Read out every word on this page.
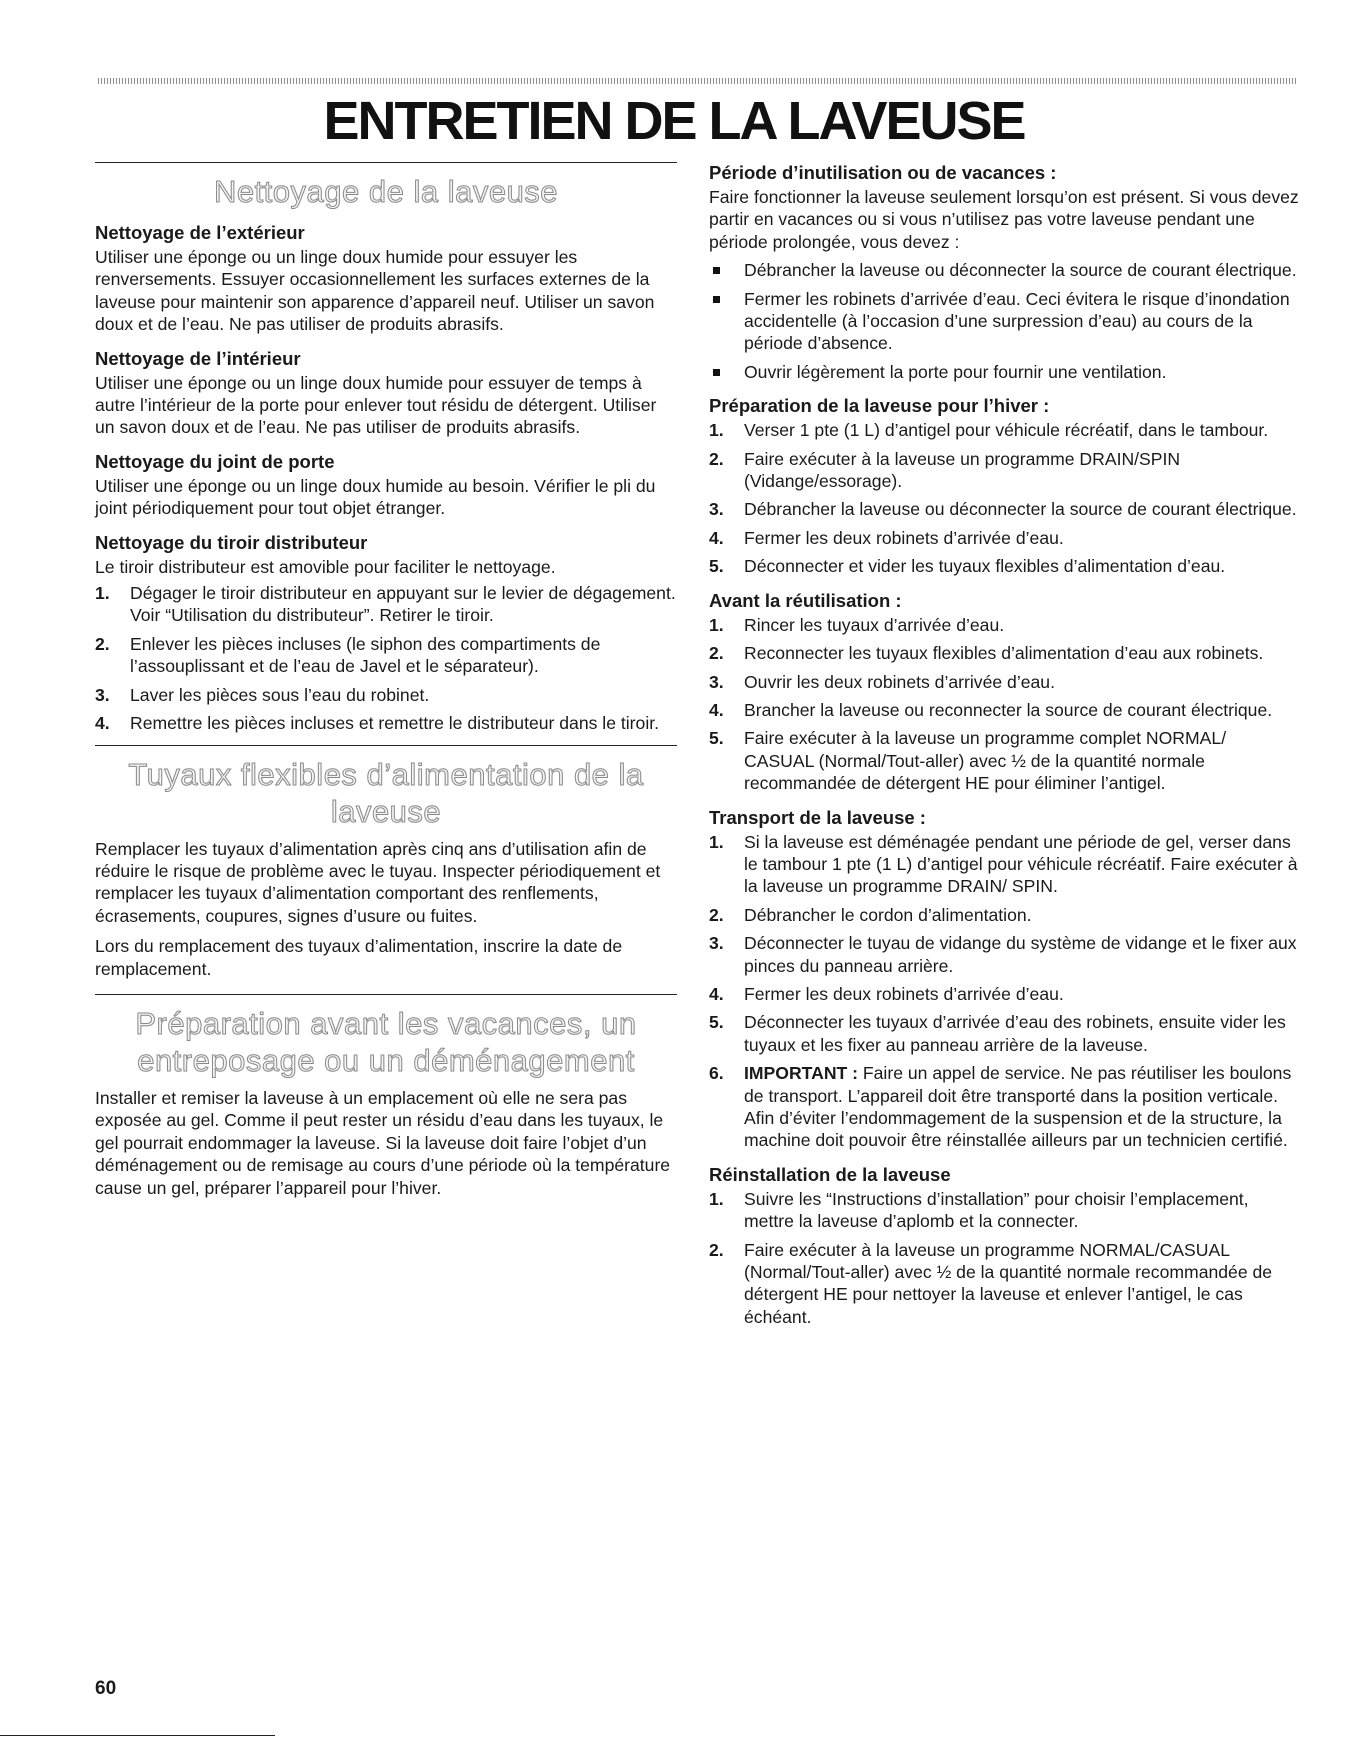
ENTRETIEN DE LA LAVEUSE
Nettoyage de la laveuse
Nettoyage de l’extérieur

Utiliser une éponge ou un linge doux humide pour essuyer les renversements. Essuyer occasionnellement les surfaces externes de la laveuse pour maintenir son apparence d’appareil neuf. Utiliser un savon doux et de l’eau. Ne pas utiliser de produits abrasifs.

Nettoyage de l’intérieur

Utiliser une éponge ou un linge doux humide pour essuyer de temps à autre l’intérieur de la porte pour enlever tout résidu de détergent. Utiliser un savon doux et de l’eau. Ne pas utiliser de produits abrasifs.

Nettoyage du joint de porte

Utiliser une éponge ou un linge doux humide au besoin. Vérifier le pli du joint périodiquement pour tout objet étranger.

Nettoyage du tiroir distributeur

Le tiroir distributeur est amovible pour faciliter le nettoyage.

1. Dégager le tiroir distributeur en appuyant sur le levier de dégagement. Voir “Utilisation du distributeur”. Retirer le tiroir.
2. Enlever les pièces incluses (le siphon des compartiments de l’assouplissant et de l’eau de Javel et le séparateur).
3. Laver les pièces sous l’eau du robinet.
4. Remettre les pièces incluses et remettre le distributeur dans le tiroir.
Tuyaux flexibles d’alimentation de la laveuse

Remplacer les tuyaux d’alimentation après cinq ans d’utilisation afin de réduire le risque de problème avec le tuyau. Inspecter périodiquement et remplacer les tuyaux d’alimentation comportant des renflements, écrasements, coupures, signes d’usure ou fuites.

Lors du remplacement des tuyaux d’alimentation, inscrire la date de remplacement.

Préparation avant les vacances, un entreposage ou un déménagement

Installer et remiser la laveuse à un emplacement où elle ne sera pas exposée au gel. Comme il peut rester un résidu d’eau dans les tuyaux, le gel pourrait endommager la laveuse. Si la laveuse doit faire l’objet d’un déménagement ou de remisage au cours d’une période où la température cause un gel, préparer l’appareil pour l’hiver.

Période d’inutilisation ou de vacances :

Faire fonctionner la laveuse seulement lorsqu’on est présent. Si vous devez partir en vacances ou si vous n’utilisez pas votre laveuse pendant une période prolongée, vous devez :

Débrancher la laveuse ou déconnecter la source de courant électrique.
Fermer les robinets d’arrivée d’eau. Ceci évitera le risque d’inondation accidentelle (à l’occasion d’une surpression d’eau) au cours de la période d’absence.
Ouvrir légèrement la porte pour fournir une ventilation.
Préparation de la laveuse pour l’hiver :
1. Verser 1 pte (1 L) d’antigel pour véhicule récréatif, dans le tambour.
2. Faire exécuter à la laveuse un programme DRAIN/SPIN (Vidange/essorage).
3. Débrancher la laveuse ou déconnecter la source de courant électrique.
4. Fermer les deux robinets d’arrivée d’eau.
5. Déconnecter et vider les tuyaux flexibles d’alimentation d’eau.
Avant la réutilisation :
1. Rincer les tuyaux d’arrivée d’eau.
2. Reconnecter les tuyaux flexibles d’alimentation d’eau aux robinets.
3. Ouvrir les deux robinets d’arrivée d’eau.
4. Brancher la laveuse ou reconnecter la source de courant électrique.
5. Faire exécuter à la laveuse un programme complet NORMAL/ CASUAL (Normal/Tout-aller) avec ½ de la quantité normale recommandée de détergent HE pour éliminer l’antigel.
Transport de la laveuse :
1. Si la laveuse est déménagée pendant une période de gel, verser dans le tambour 1 pte (1 L) d’antigel pour véhicule récréatif. Faire exécuter à la laveuse un programme DRAIN/ SPIN.
2. Débrancher le cordon d’alimentation.
3. Déconnecter le tuyau de vidange du système de vidange et le fixer aux pinces du panneau arrière.
4. Fermer les deux robinets d’arrivée d’eau.
5. Déconnecter les tuyaux d’arrivée d’eau des robinets, ensuite vider les tuyaux et les fixer au panneau arrière de la laveuse.
6. IMPORTANT : Faire un appel de service. Ne pas réutiliser les boulons de transport. L’appareil doit être transporté dans la position verticale. Afin d’éviter l’endommagement de la suspension et de la structure, la machine doit pouvoir être réinstallée ailleurs par un technicien certifié.
Réinstallation de la laveuse
1. Suivre les “Instructions d’installation” pour choisir l’emplacement, mettre la laveuse d’aplomb et la connecter.
2. Faire exécuter à la laveuse un programme NORMAL/CASUAL (Normal/Tout-aller) avec ½ de la quantité normale recommandée de détergent HE pour nettoyer la laveuse et enlever l’antigel, le cas échéant.
60
